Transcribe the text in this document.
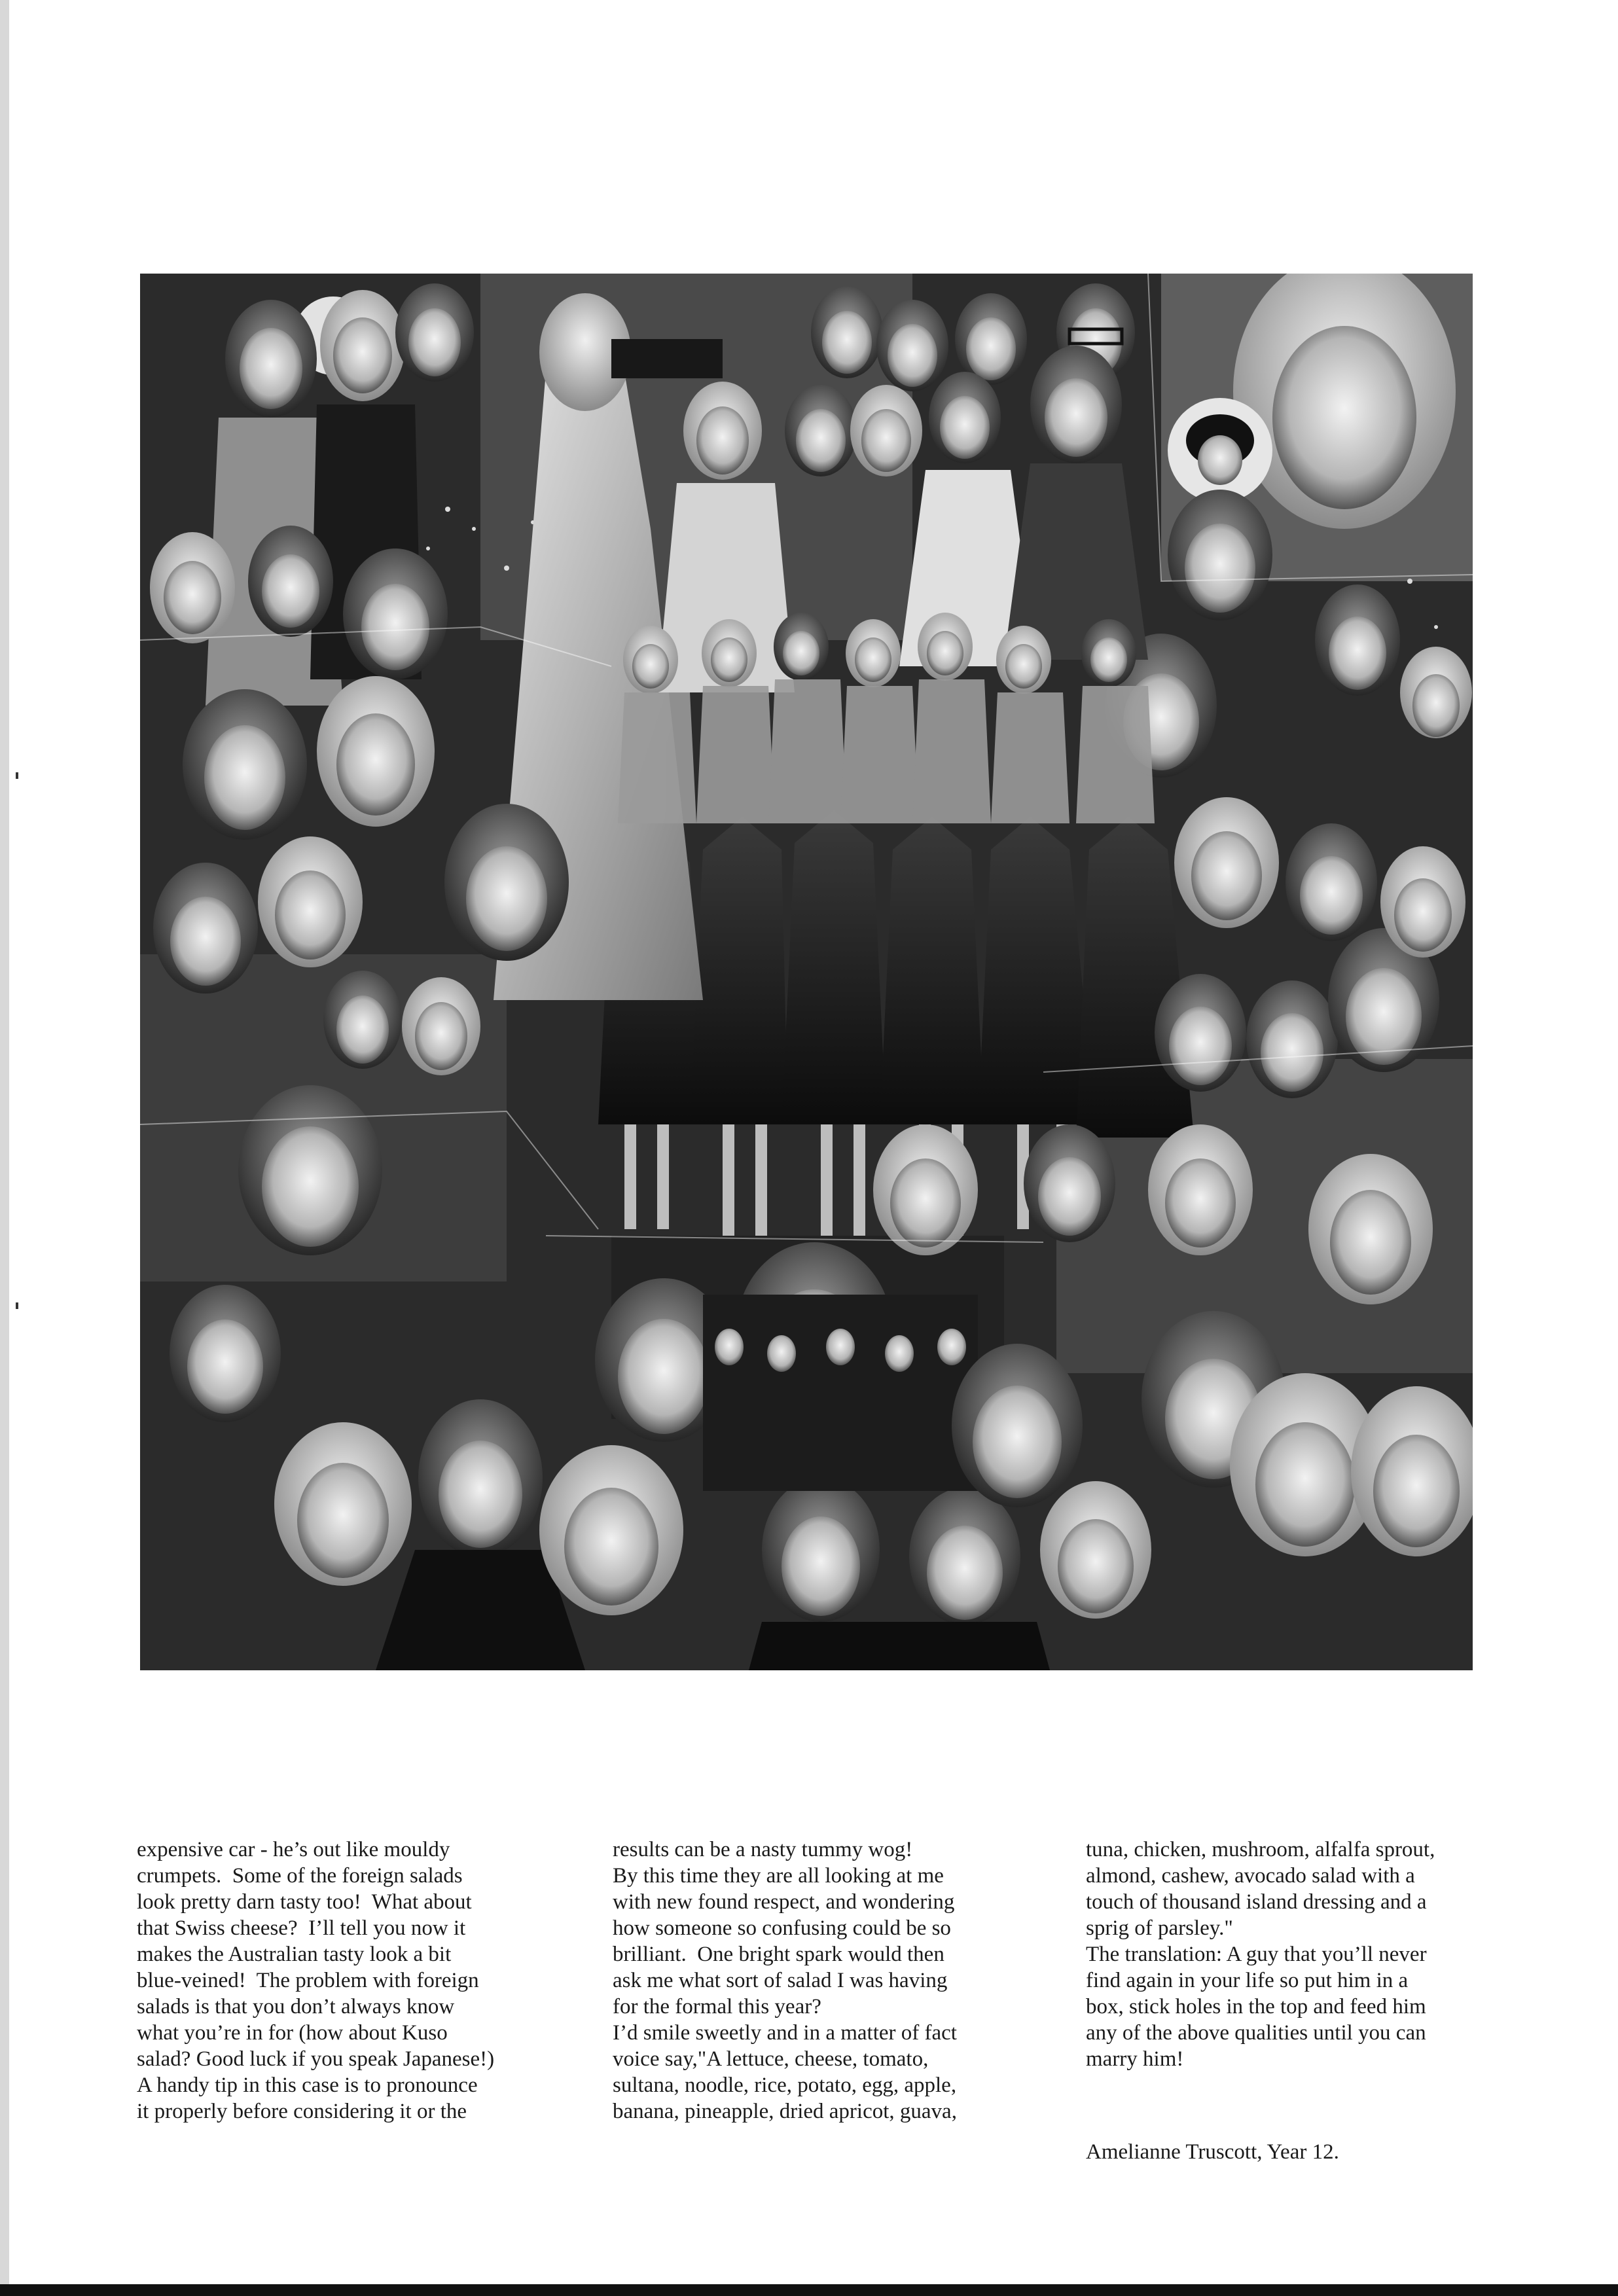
expensive car - he’s out like mouldy
crumpets.  Some of the foreign salads
look pretty darn tasty too!  What about
that Swiss cheese?  I’ll tell you now it
makes the Australian tasty look a bit
blue-veined!  The problem with foreign
salads is that you don’t always know
what you’re in for (how about Kuso
salad? Good luck if you speak Japanese!)
A handy tip in this case is to pronounce
it properly before considering it or the
results can be a nasty tummy wog!
By this time they are all looking at me
with new found respect, and wondering
how someone so confusing could be so
brilliant.  One bright spark would then
ask me what sort of salad I was having
for the formal this year?
I’d smile sweetly and in a matter of fact
voice say,"A lettuce, cheese, tomato,
sultana, noodle, rice, potato, egg, apple,
banana, pineapple, dried apricot, guava,
tuna, chicken, mushroom, alfalfa sprout,
almond, cashew, avocado salad with a
touch of thousand island dressing and a
sprig of parsley."
The translation: A guy that you’ll never
find again in your life so put him in a
box, stick holes in the top and feed him
any of the above qualities until you can
marry him!
Amelianne Truscott, Year 12.
